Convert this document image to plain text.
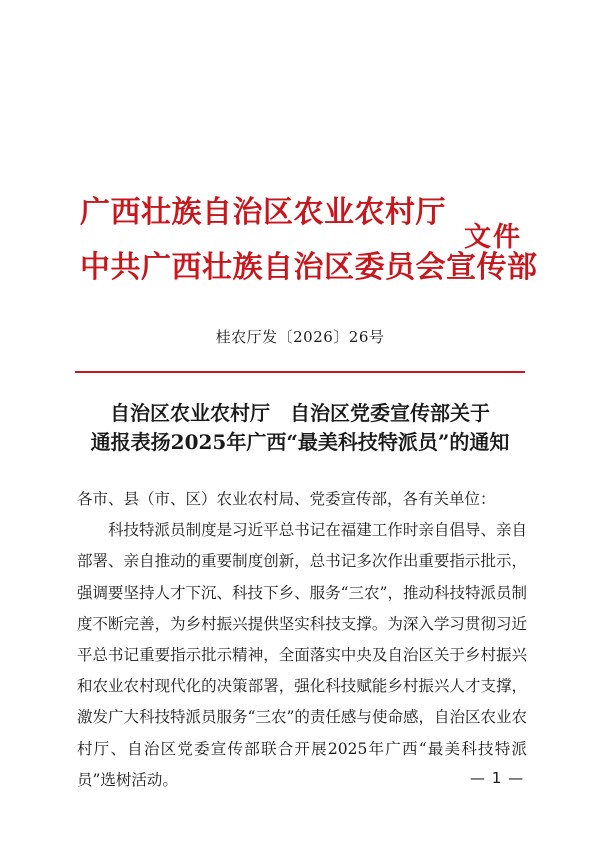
广西壮族自治区农业农村厅
中共广西壮族自治区委员会宣传部
文件
桂农厅发〔2026〕26号
自治区农业农村厅　自治区党委宣传部关于
通报表扬2025年广西“最美科技特派员”的通知

各市、县（市、区）农业农村局、党委宣传部，各有关单位：

科技特派员制度是习近平总书记在福建工作时亲自倡导、亲自部署、亲自推动的重要制度创新，总书记多次作出重要指示批示，强调要坚持人才下沉、科技下乡、服务“三农”，推动科技特派员制度不断完善，为乡村振兴提供坚实科技支撑。为深入学习贯彻习近平总书记重要指示批示精神，全面落实中央及自治区关于乡村振兴和农业农村现代化的决策部署，强化科技赋能乡村振兴人才支撑，激发广大科技特派员服务“三农”的责任感与使命感，自治区农业农村厅、自治区党委宣传部联合开展2025年广西“最美科技特派员”选树活动。	— 1 —
